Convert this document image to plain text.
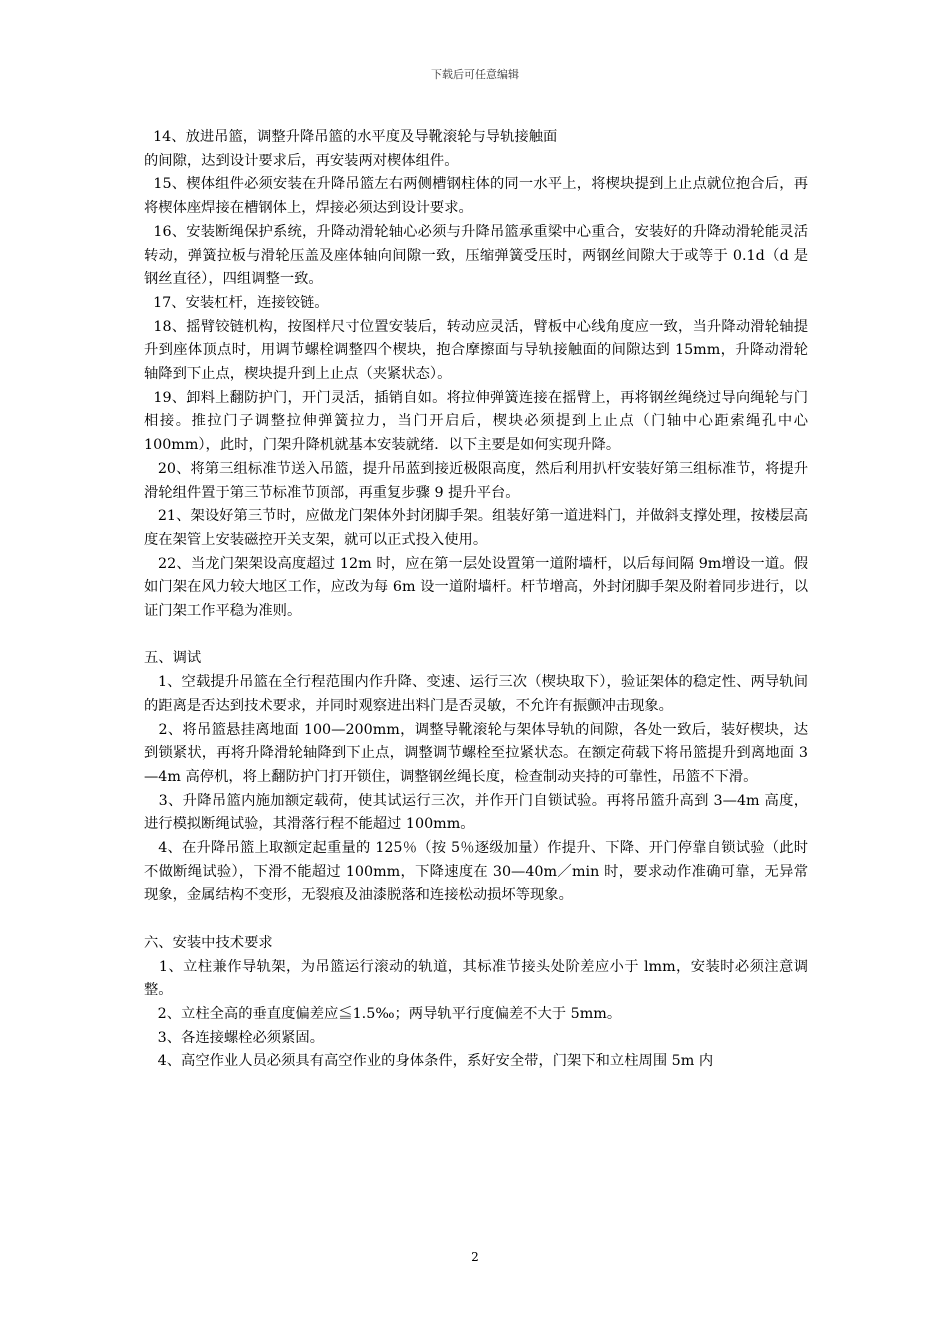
下载后可任意编辑

14、放进吊篮，调整升降吊篮的水平度及导靴滚轮与导轨接触面
的间隙，达到设计要求后，再安装两对楔体组件。

15、楔体组件必须安装在升降吊篮左右两侧槽钢柱体的同一水平上，将楔块提到上止点就位抱合后，再将楔体座焊接在槽钢体上，焊接必须达到设计要求。

16、安装断绳保护系统，升降动滑轮轴心必须与升降吊篮承重梁中心重合，安装好的升降动滑轮能灵活转动，弹簧拉板与滑轮压盖及座体轴向间隙一致，压缩弹簧受压时，两钢丝间隙大于或等于 0.1d（d 是钢丝直径），四组调整一致。

17、安装杠杆，连接铰链。

18、摇臂铰链机构，按图样尺寸位置安装后，转动应灵活，臂板中心线角度应一致，当升降动滑轮轴提升到座体顶点时，用调节螺栓调整四个楔块，抱合摩擦面与导轨接触面的间隙达到 15mm，升降动滑轮轴降到下止点，楔块提升到上止点（夹紧状态）。

19、卸料上翻防护门，开门灵活，插销自如。将拉伸弹簧连接在摇臂上，再将钢丝绳绕过导向绳轮与门相接。推拉门子调整拉伸弹簧拉力，当门开启后，楔块必须提到上止点（门轴中心距索绳孔中心 100mm），此时，门架升降机就基本安装就绪．以下主要是如何实现升降。

20、将第三组标准节送入吊篮，提升吊蓝到接近极限高度，然后利用扒杆安装好第三组标准节，将提升滑轮组件置于第三节标准节顶部，再重复步骤 9 提升平台。

21、架设好第三节时，应做龙门架体外封闭脚手架。组装好第一道进料门，并做斜支撑处理，按楼层高度在架管上安装磁控开关支架，就可以正式投入使用。

22、当龙门架架设高度超过 12m 时，应在第一层处设置第一道附墙杆，以后每间隔 9m增设一道。假如门架在风力较大地区工作，应改为每 6m 设一道附墙杆。杆节增高，外封闭脚手架及附着同步进行，以证门架工作平稳为准则。

五、调试

1、空载提升吊篮在全行程范围内作升降、变速、运行三次（楔块取下），验证架体的稳定性、两导轨间的距离是否达到技术要求，并同时观察进出料门是否灵敏，不允许有振颤冲击现象。

2、将吊篮悬挂离地面 100—200mm，调整导靴滚轮与架体导轨的间隙，各处一致后，装好楔块，达到锁紧状，再将升降滑轮轴降到下止点，调整调节螺栓至拉紧状态。在额定荷载下将吊篮提升到离地面 3—4m 高停机，将上翻防护门打开锁住，调整钢丝绳长度，检查制动夹持的可靠性，吊篮不下滑。

3、升降吊篮内施加额定载荷，使其试运行三次，并作开门自锁试验。再将吊篮升高到 3—4m 高度，进行模拟断绳试验，其滑落行程不能超过 100mm。

4、在升降吊篮上取额定起重量的 125％（按 5％逐级加量）作提升、下降、开门停靠自锁试验（此时不做断绳试验），下滑不能超过 100mm，下降速度在 30—40m／min 时，要求动作准确可靠，无异常现象，金属结构不变形，无裂痕及油漆脱落和连接松动损坏等现象。

六、安装中技术要求

1、立柱兼作导轨架，为吊篮运行滚动的轨道，其标准节接头处阶差应小于 lmm，安装时必须注意调整。

2、立柱全高的垂直度偏差应≦1.5‰；两导轨平行度偏差不大于 5mm。

3、各连接螺栓必须紧固。

4、高空作业人员必须具有高空作业的身体条件，系好安全带，门架下和立柱周围 5m 内

2
